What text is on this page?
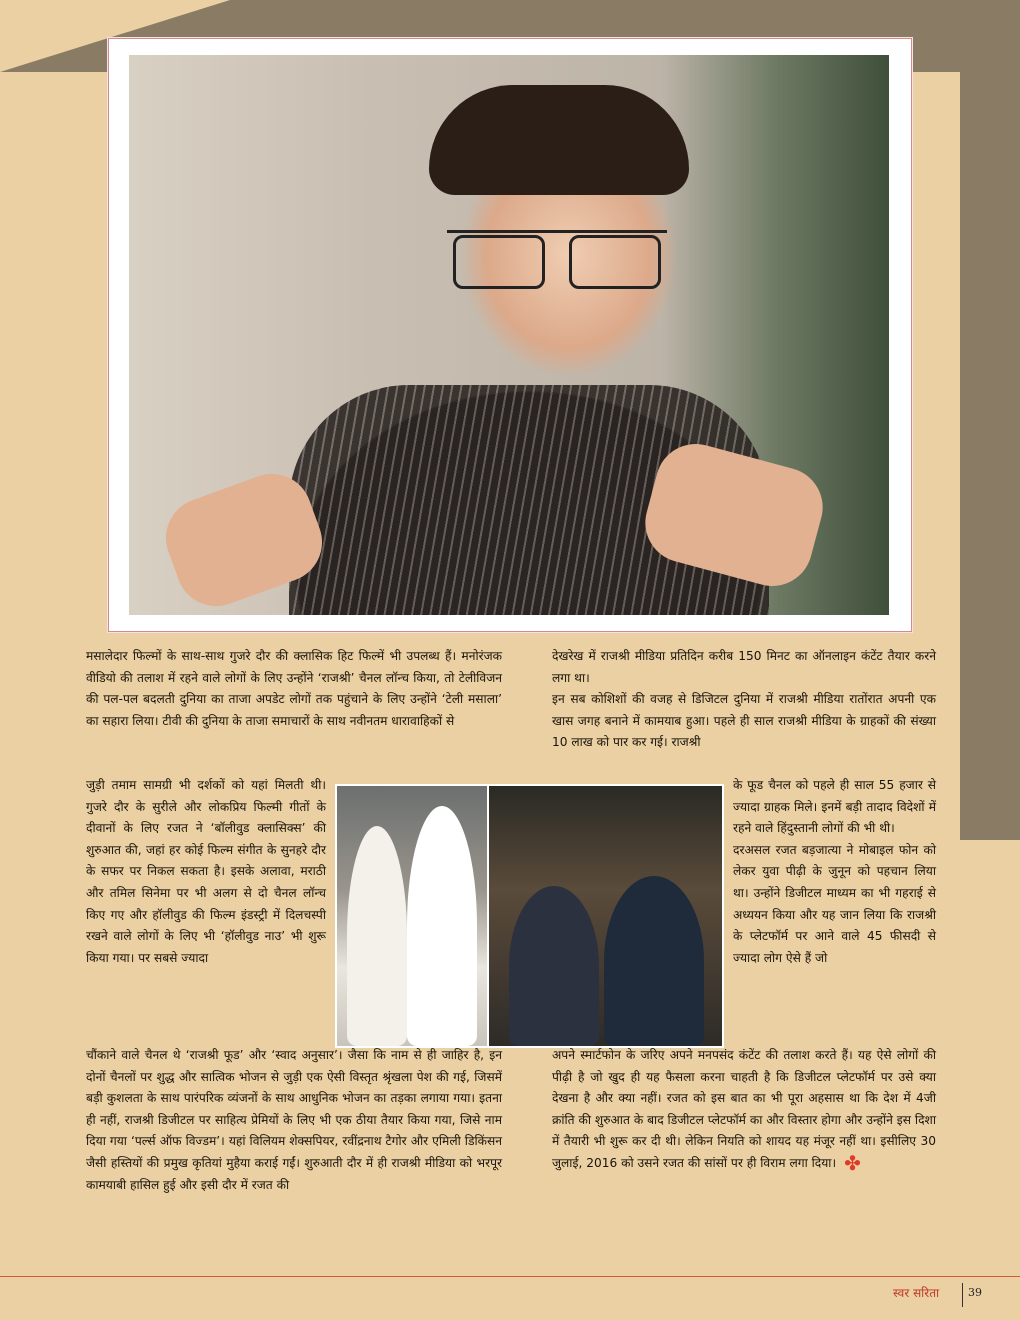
मसालेदार फिल्मों के साथ-साथ गुजरे दौर की क्लासिक हिट फिल्में भी उपलब्ध हैं। मनोरंजक वीडियो की तलाश में रहने वाले लोगों के लिए उन्होंने ‘राजश्री’ चैनल लॉन्च किया, तो टेलीविजन की पल-पल बदलती दुनिया का ताजा अपडेट लोगों तक पहुंचाने के लिए उन्होंने ‘टेली मसाला’ का सहारा लिया। टीवी की दुनिया के ताजा समाचारों के साथ नवीनतम धारावाहिकों से

जुड़ी तमाम सामग्री भी दर्शकों को यहां मिलती थी। गुजरे दौर के सुरीले और लोकप्रिय फिल्मी गीतों के दीवानों के लिए रजत ने ‘बॉलीवुड क्लासिक्स’ की शुरुआत की, जहां हर कोई फिल्म संगीत के सुनहरे दौर के सफर पर निकल सकता है। इसके अलावा, मराठी और तमिल सिनेमा पर भी अलग से दो चैनल लॉन्च किए गए और हॉलीवुड की फिल्म इंडस्ट्री में दिलचस्पी रखने वाले लोगों के लिए भी ‘हॉलीवुड नाउ’ भी शुरू किया गया। पर सबसे ज्यादा

चौंकाने वाले चैनल थे ‘राजश्री फूड’ और ‘स्वाद अनुसार’। जैसा कि नाम से ही जाहिर है, इन दोनों चैनलों पर शुद्ध और सात्विक भोजन से जुड़ी एक ऐसी विस्तृत श्रृंखला पेश की गई, जिसमें बड़ी कुशलता के साथ पारंपरिक व्यंजनों के साथ आधुनिक भोजन का तड़का लगाया गया। इतना ही नहीं, राजश्री डिजीटल पर साहित्य प्रेमियों के लिए भी एक ठीया तैयार किया गया, जिसे नाम दिया गया ‘पर्ल्स ऑफ विज्डम’। यहां विलियम शेक्सपियर, रवींद्रनाथ टैगोर और एमिली डिकिंसन जैसी हस्तियों की प्रमुख कृतियां मुहैया कराई गईं। शुरुआती दौर में ही राजश्री मीडिया को भरपूर कामयाबी हासिल हुई और इसी दौर में रजत की

देखरेख में राजश्री मीडिया प्रतिदिन करीब 150 मिनट का ऑनलाइन कंटेंट तैयार करने लगा था।

इन सब कोशिशों की वजह से डिजिटल दुनिया में राजश्री मीडिया रातोंरात अपनी एक खास जगह बनाने में कामयाब हुआ। पहले ही साल राजश्री मीडिया के ग्राहकों की संख्या 10 लाख को पार कर गई। राजश्री

के फूड चैनल को पहले ही साल 55 हजार से ज्यादा ग्राहक मिले। इनमें बड़ी तादाद विदेशों में रहने वाले हिंदुस्तानी लोगों की भी थी।

दरअसल रजत बड़जात्या ने मोबाइल फोन को लेकर युवा पीढ़ी के जुनून को पहचान लिया था। उन्होंने डिजीटल माध्यम का भी गहराई से अध्ययन किया और यह जान लिया कि राजश्री के प्लेटफॉर्म पर आने वाले 45 फीसदी से ज्यादा लोग ऐसे हैं जो

अपने स्मार्टफोन के जरिए अपने मनपसंद कंटेंट की तलाश करते हैं। यह ऐसे लोगों की पीढ़ी है जो खुद ही यह फैसला करना चाहती है कि डिजीटल प्लेटफॉर्म पर उसे क्या देखना है और क्या नहीं। रजत को इस बात का भी पूरा अहसास था कि देश में 4जी क्रांति की शुरुआत के बाद डिजीटल प्लेटफॉर्म का और विस्तार होगा और उन्होंने इस दिशा में तैयारी भी शुरू कर दी थी। लेकिन नियति को शायद यह मंजूर नहीं था। इसीलिए 30 जुलाई, 2016 को उसने रजत की सांसों पर ही विराम लगा दिया। ✤

स्वर सरिता	39
